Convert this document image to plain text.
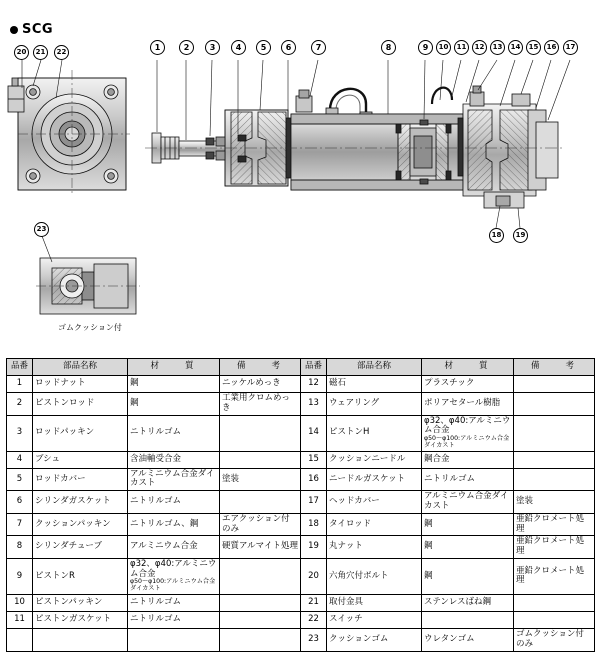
SCG
1	2	3	4	5	6	7	8	9	10	11	12	13	14	15	16	17
20	21	22
18	19
23
ゴムクッション付
品番	部品名称	材　　質	備　　考	品番	部品名称	材　　質	備　　考
1	ロッドナット	鋼	ニッケルめっき	12	磁石	プラスチック	
2	ピストンロッド	鋼	工業用クロムめっき	13	ウェアリング	ポリアセタール樹脂	
3	ロッドパッキン	ニトリルゴム		14	ピストンH	φ32、φ40:アルミニウム合金
φ50～φ100:アルミニウム合金ダイカスト	

4	ブシュ	含油軸受合金		15	クッションニードル	鋼合金	
5	ロッドカバー	アルミニウム合金ダイカスト	塗装	16	ニードルガスケット	ニトリルゴム	
6	シリンダガスケット	ニトリルゴム		17	ヘッドカバー	アルミニウム合金ダイカスト	塗装
7	クッションパッキン	ニトリルゴム、鋼	エアクッション付のみ	18	タイロッド	鋼	亜鉛クロメート処理
8	シリンダチューブ	アルミニウム合金	硬質アルマイト処理	19	丸ナット	鋼	亜鉛クロメート処理
9	ピストンR	φ32、φ40:アルミニウム合金
φ50～φ100:アルミニウム合金ダイカスト		20	六角穴付ボルト	鋼	亜鉛クロメート処理
10	ピストンパッキン	ニトリルゴム		21	取付金具	ステンレスばね鋼	
11	ピストンガスケット	ニトリルゴム		22	スイッチ		
				23	クッションゴム	ウレタンゴム	ゴムクッション付のみ
